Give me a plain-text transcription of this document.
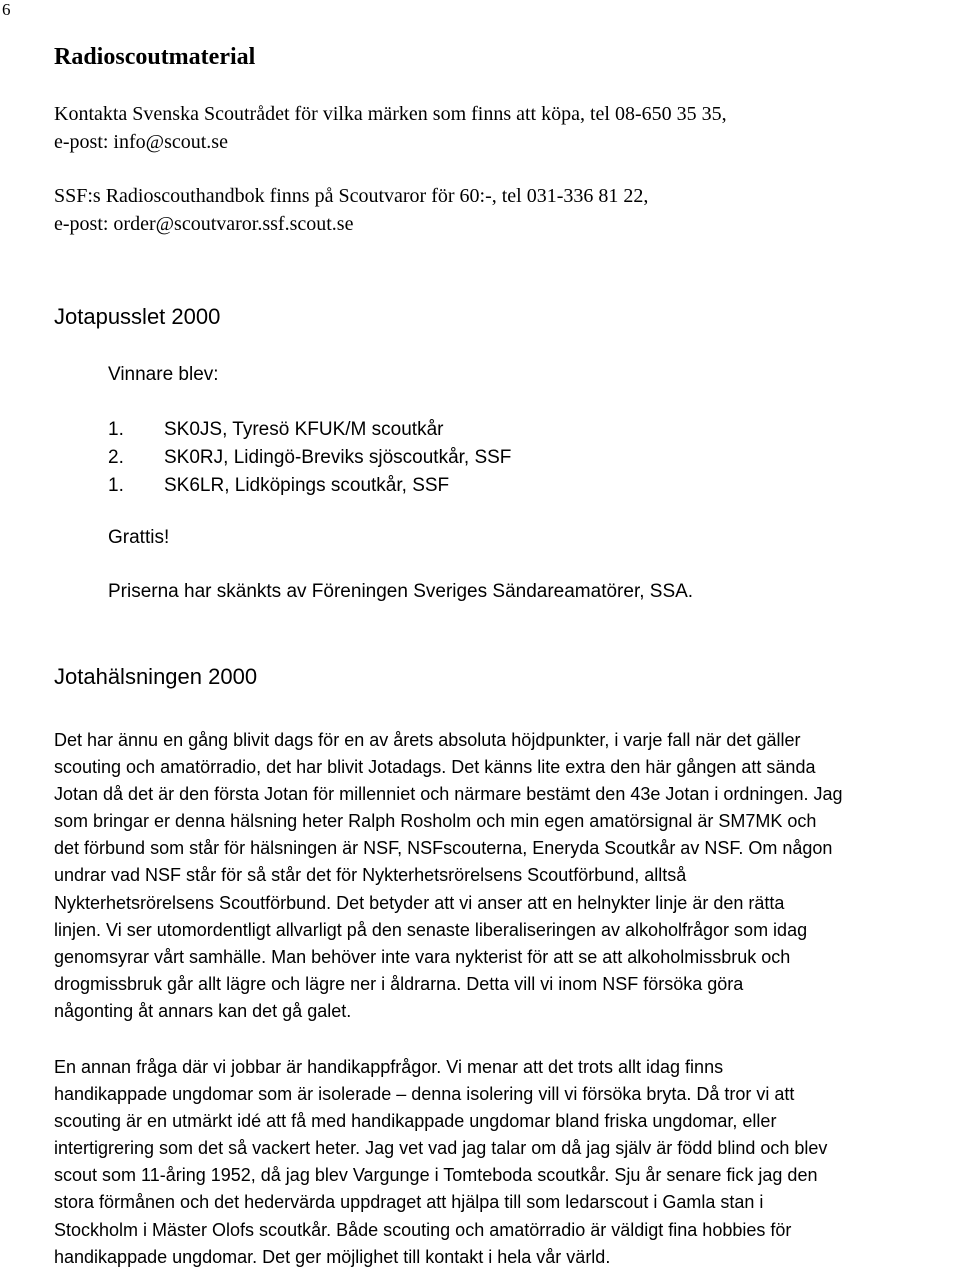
6
Radioscoutmaterial

Kontakta Svenska Scoutrådet för vilka märken som finns att köpa, tel 08-650 35 35,

e-post: info@scout.se

SSF:s Radioscouthandbok finns på Scoutvaror för 60:-, tel 031-336 81 22,

e-post: order@scoutvaror.ssf.scout.se

Jotapusslet 2000
Vinnare blev:
1. SK0JS, Tyresö KFUK/M scoutkår
2. SK0RJ, Lidingö-Breviks sjöscoutkår, SSF
1. SK6LR, Lidköpings scoutkår, SSF
Grattis!
Priserna har skänkts av Föreningen Sveriges Sändareamatörer, SSA.
Jotahälsningen 2000
Det har ännu en gång blivit dags för en av årets absoluta höjdpunkter, i varje fall när det gäller
scouting och amatörradio, det har blivit Jotadags. Det känns lite extra den här gången att sända
Jotan då det är den första Jotan för millenniet och närmare bestämt den 43e Jotan i ordningen. Jag
som bringar er denna hälsning heter Ralph Rosholm och min egen amatörsignal är SM7MK och
det förbund som står för hälsningen är NSF, NSFscouterna, Eneryda Scoutkår av NSF. Om någon
undrar vad NSF står för så står det för Nykterhetsrörelsens Scoutförbund, alltså
Nykterhetsrörelsens Scoutförbund. Det betyder att vi anser att en helnykter linje är den rätta
linjen. Vi ser utomordentligt allvarligt på den senaste liberaliseringen av alkoholfrågor som idag
genomsyrar vårt samhälle. Man behöver inte vara nykterist för att se att alkoholmissbruk och
drogmissbruk går allt lägre och lägre ner i åldrarna. Detta vill vi inom NSF försöka göra
någonting åt annars kan det gå galet.
En annan fråga där vi jobbar är handikappfrågor. Vi menar att det trots allt idag finns
handikappade ungdomar som är isolerade – denna isolering vill vi försöka bryta. Då tror vi att
scouting är en utmärkt idé att få med handikappade ungdomar bland friska ungdomar, eller
intertigrering som det så vackert heter. Jag vet vad jag talar om då jag själv är född blind och blev
scout som 11-åring 1952, då jag blev Vargunge i Tomteboda scoutkår. Sju år senare fick jag den
stora förmånen och det hedervärda uppdraget att hjälpa till som ledarscout i Gamla stan i
Stockholm i Mäster Olofs scoutkår. Både scouting och amatörradio är väldigt fina hobbies för
handikappade ungdomar. Det ger möjlighet till kontakt i hela vår värld.
